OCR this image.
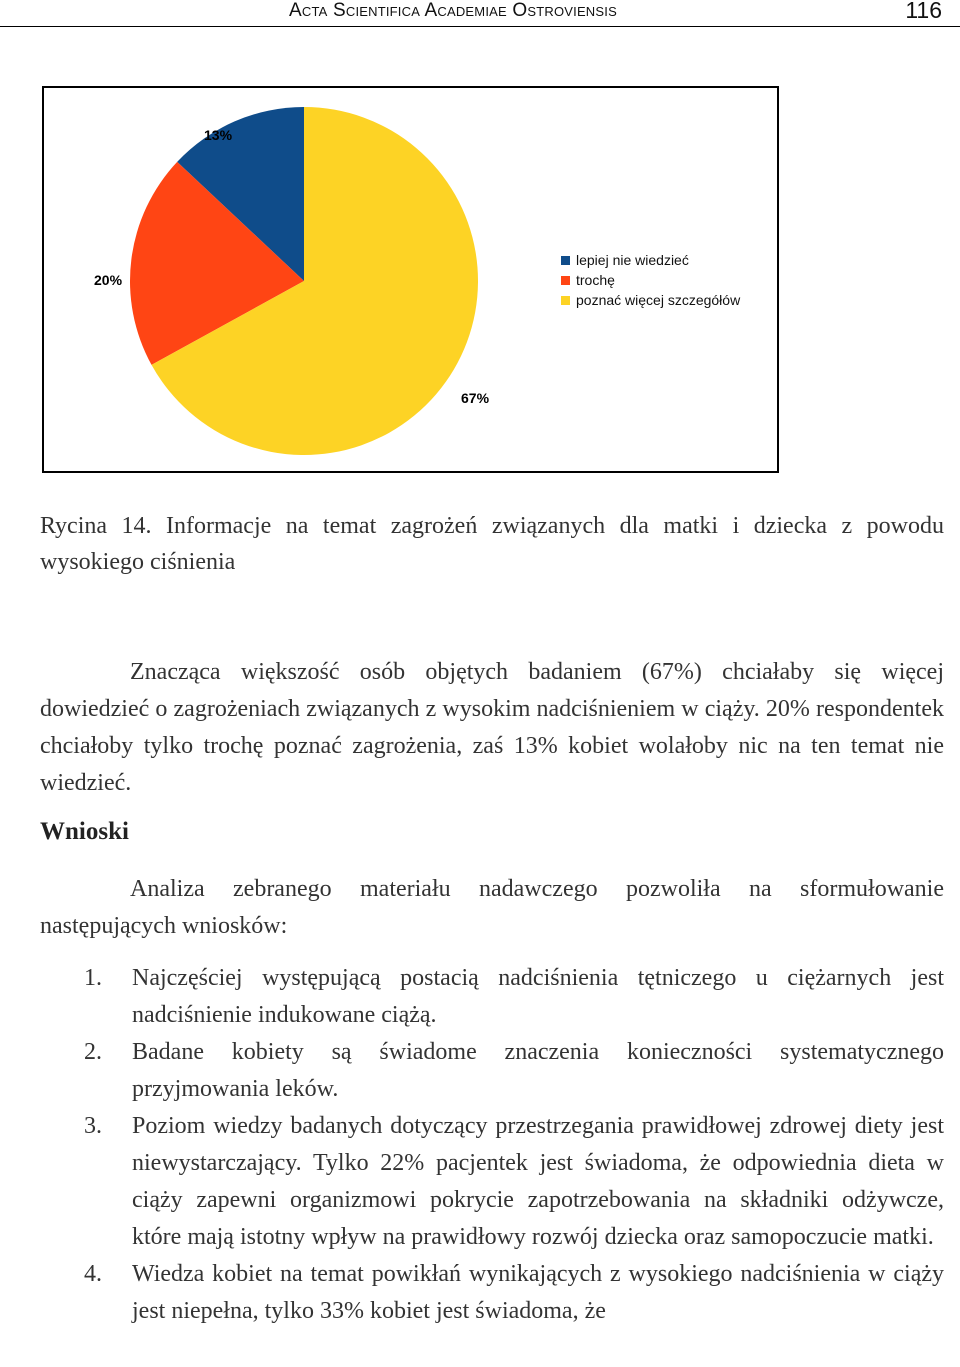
Acta Scientifica Academiae Ostroviensis	116
13%
20%
67%
lepiej nie wiedzieć
trochę
poznać więcej szczegółów
Rycina 14. Informacje na temat zagrożeń związanych dla matki i dziecka z powodu wysokiego ciśnienia
Znacząca większość osób objętych badaniem (67%) chciałaby się więcej dowiedzieć o zagrożeniach związanych z wysokim nadciśnieniem w ciąży. 20% respondentek chciałoby tylko trochę poznać zagrożenia, zaś 13% kobiet wolałoby nic na ten temat nie wiedzieć.
Wnioski
Analiza zebranego materiału nadawczego pozwoliła na sformułowanie następujących wniosków:
1. Najczęściej występującą postacią nadciśnienia tętniczego u ciężarnych jest nadciśnienie indukowane ciążą.
2. Badane kobiety są świadome znaczenia konieczności systematycznego przyjmowania leków.
3. Poziom wiedzy badanych dotyczący przestrzegania prawidłowej zdrowej diety jest niewystarczający. Tylko 22% pacjentek jest świadoma, że odpowiednia dieta w ciąży zapewni organizmowi pokrycie zapotrzebowania na składniki odżywcze, które mają istotny wpływ na prawidłowy rozwój dziecka oraz samopoczucie matki.
4. Wiedza kobiet na temat powikłań wynikających z wysokiego nadciśnienia w ciąży jest niepełna, tylko 33% kobiet jest świadoma, że
